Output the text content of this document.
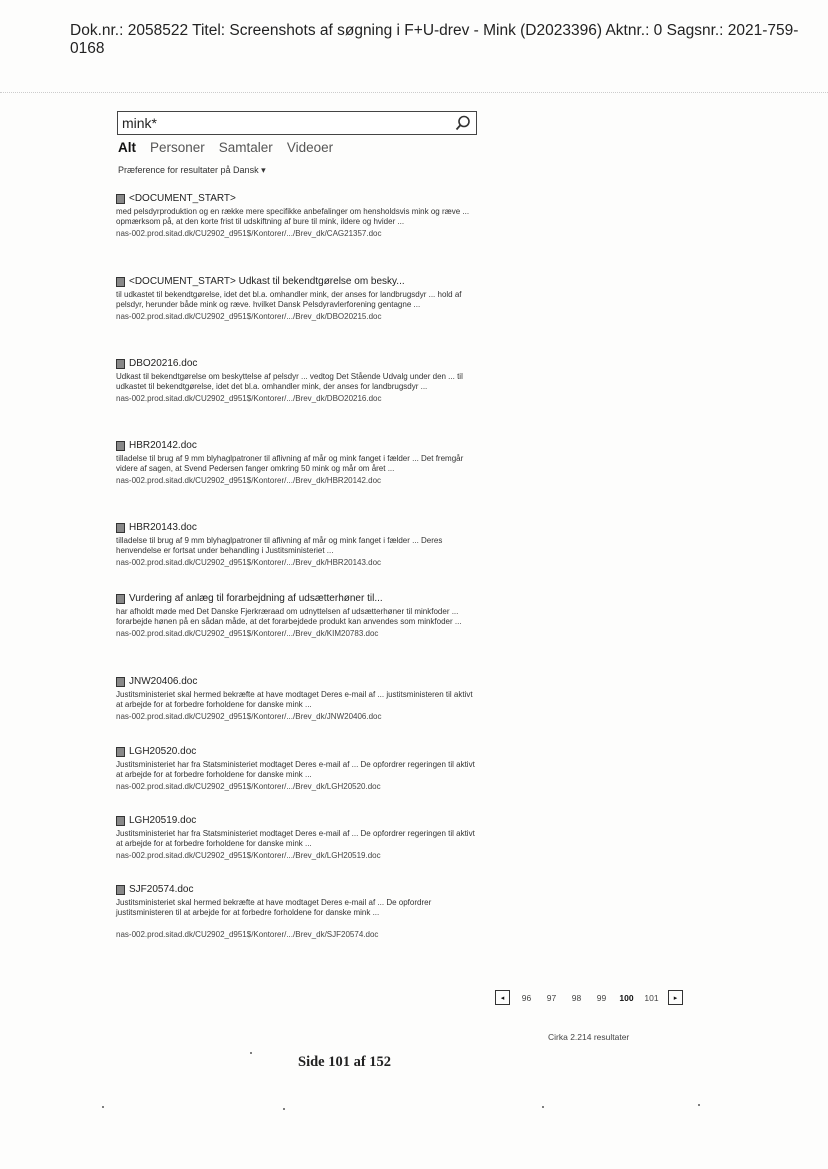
Dok.nr.: 2058522 Titel: Screenshots af søgning i F+U-drev - Mink (D2023396) Aktnr.: 0 Sagsnr.: 2021-759-0168
mink*
Alt Personer Samtaler Videoer
Præference for resultater på Dansk ▾
<DOCUMENT_START>
med pelsdyrproduktion og en række mere specifikke anbefalinger om hensholdsvis mink og ræve ... opmærksom på, at den korte frist til udskiftning af bure til mink, ildere og hvider ...
nas-002.prod.sitad.dk/CU2902_d951$/Kontorer/.../Brev_dk/CAG21357.doc
<DOCUMENT_START> Udkast til bekendtgørelse om besky...
til udkastet til bekendtgørelse, idet det bl.a. omhandler mink, der anses for landbrugsdyr ... hold af pelsdyr, herunder både mink og ræve. hvilket Dansk Pelsdyravlerforening gentagne ...
nas-002.prod.sitad.dk/CU2902_d951$/Kontorer/.../Brev_dk/DBO20215.doc
DBO20216.doc
Udkast til bekendtgørelse om beskyttelse af pelsdyr ... vedtog Det Stående Udvalg under den ... til udkastet til bekendtgørelse, idet det bl.a. omhandler mink, der anses for landbrugsdyr ...
nas-002.prod.sitad.dk/CU2902_d951$/Kontorer/.../Brev_dk/DBO20216.doc
HBR20142.doc
tilladelse til brug af 9 mm blyhaglpatroner til aflivning af mår og mink fanget i fælder ... Det fremgår videre af sagen, at Svend Pedersen fanger omkring 50 mink og mår om året ...
nas-002.prod.sitad.dk/CU2902_d951$/Kontorer/.../Brev_dk/HBR20142.doc
HBR20143.doc
tilladelse til brug af 9 mm blyhaglpatroner til aflivning af mår og mink fanget i fælder ... Deres henvendelse er fortsat under behandling i Justitsministeriet ...
nas-002.prod.sitad.dk/CU2902_d951$/Kontorer/.../Brev_dk/HBR20143.doc
Vurdering af anlæg til forarbejdning af udsætterhøner til...
har afholdt møde med Det Danske Fjerkræraad om udnyttelsen af udsætterhøner til minkfoder ... forarbejde hønen på en sådan måde, at det forarbejdede produkt kan anvendes som minkfoder ...
nas-002.prod.sitad.dk/CU2902_d951$/Kontorer/.../Brev_dk/KIM20783.doc
JNW20406.doc
Justitsministeriet skal hermed bekræfte at have modtaget Deres e-mail af ... justitsministeren til aktivt at arbejde for at forbedre forholdene for danske mink ...
nas-002.prod.sitad.dk/CU2902_d951$/Kontorer/.../Brev_dk/JNW20406.doc
LGH20520.doc
Justitsministeriet har fra Statsministeriet modtaget Deres e-mail af ... De opfordrer regeringen til aktivt at arbejde for at forbedre forholdene for danske mink ...
nas-002.prod.sitad.dk/CU2902_d951$/Kontorer/.../Brev_dk/LGH20520.doc
LGH20519.doc
Justitsministeriet har fra Statsministeriet modtaget Deres e-mail af ... De opfordrer regeringen til aktivt at arbejde for at forbedre forholdene for danske mink ...
nas-002.prod.sitad.dk/CU2902_d951$/Kontorer/.../Brev_dk/LGH20519.doc
SJF20574.doc
Justitsministeriet skal hermed bekræfte at have modtaget Deres e-mail af ... De opfordrer justitsministeren til at arbejde for at forbedre forholdene for danske mink ...
nas-002.prod.sitad.dk/CU2902_d951$/Kontorer/.../Brev_dk/SJF20574.doc
◂	96	97	98	99	100	101	▸
Cirka 2.214 resultater
Side 101 af 152
